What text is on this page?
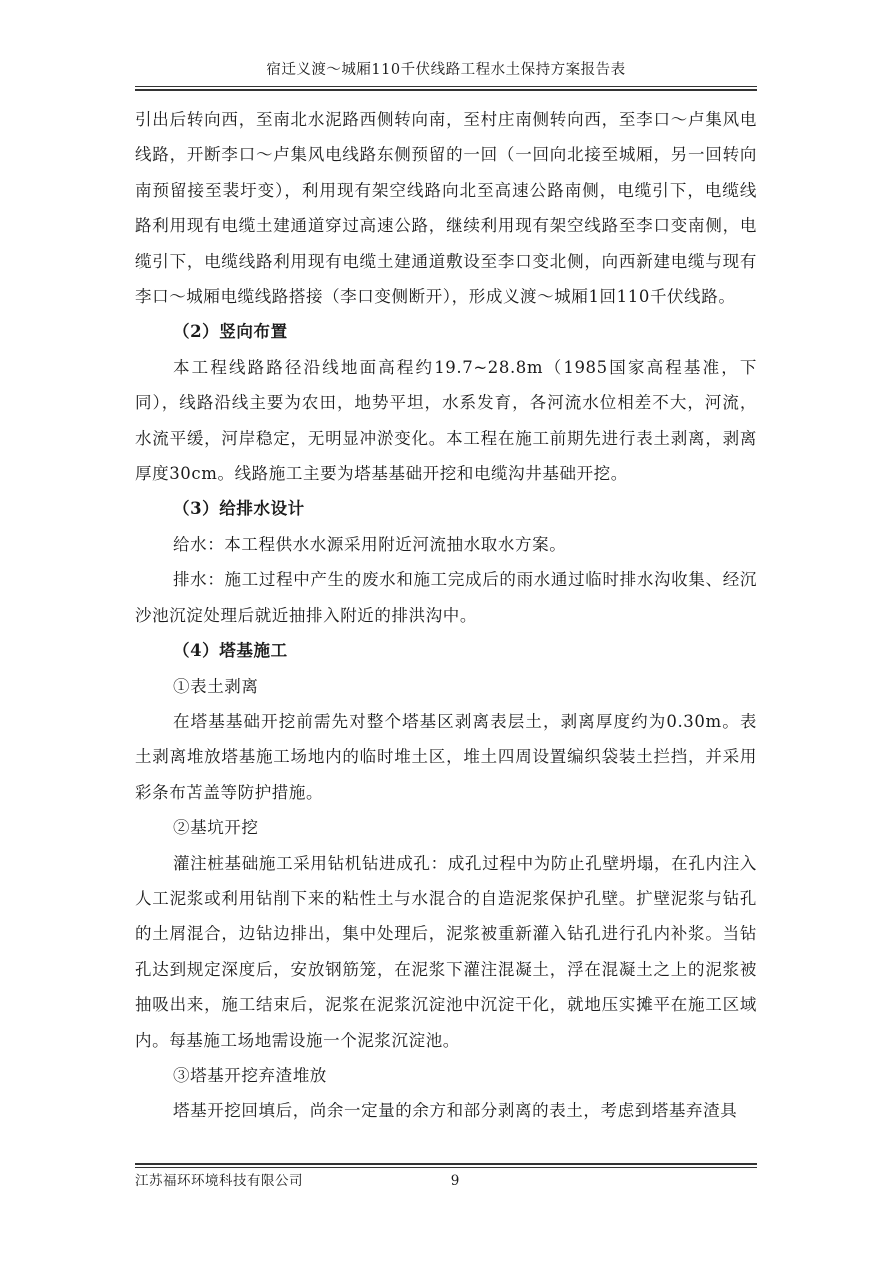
宿迁义渡～城厢110千伏线路工程水土保持方案报告表

引出后转向西，至南北水泥路西侧转向南，至村庄南侧转向西，至李口～卢集风电线路，开断李口～卢集风电线路东侧预留的一回（一回向北接至城厢，另一回转向南预留接至裴圩变），利用现有架空线路向北至高速公路南侧，电缆引下，电缆线路利用现有电缆土建通道穿过高速公路，继续利用现有架空线路至李口变南侧，电缆引下，电缆线路利用现有电缆土建通道敷设至李口变北侧，向西新建电缆与现有李口～城厢电缆线路搭接（李口变侧断开），形成义渡～城厢1回110千伏线路。

（2）竖向布置

本工程线路路径沿线地面高程约19.7~28.8m（1985国家高程基准，下同），线路沿线主要为农田，地势平坦，水系发育，各河流水位相差不大，河流，水流平缓，河岸稳定，无明显冲淤变化。本工程在施工前期先进行表土剥离，剥离厚度30cm。线路施工主要为塔基基础开挖和电缆沟井基础开挖。

（3）给排水设计

给水：本工程供水水源采用附近河流抽水取水方案。

排水：施工过程中产生的废水和施工完成后的雨水通过临时排水沟收集、经沉沙池沉淀处理后就近抽排入附近的排洪沟中。

（4）塔基施工

①表土剥离

在塔基基础开挖前需先对整个塔基区剥离表层土，剥离厚度约为0.30m。表土剥离堆放塔基施工场地内的临时堆土区，堆土四周设置编织袋装土拦挡，并采用彩条布苫盖等防护措施。

②基坑开挖

灌注桩基础施工采用钻机钻进成孔：成孔过程中为防止孔壁坍塌，在孔内注入人工泥浆或利用钻削下来的粘性土与水混合的自造泥浆保护孔壁。扩壁泥浆与钻孔的土屑混合，边钻边排出，集中处理后，泥浆被重新灌入钻孔进行孔内补浆。当钻孔达到规定深度后，安放钢筋笼，在泥浆下灌注混凝土，浮在混凝土之上的泥浆被抽吸出来，施工结束后，泥浆在泥浆沉淀池中沉淀干化，就地压实摊平在施工区域内。每基施工场地需设施一个泥浆沉淀池。

③塔基开挖弃渣堆放

塔基开挖回填后，尚余一定量的余方和部分剥离的表土，考虑到塔基弃渣具

江苏福环环境科技有限公司	9
